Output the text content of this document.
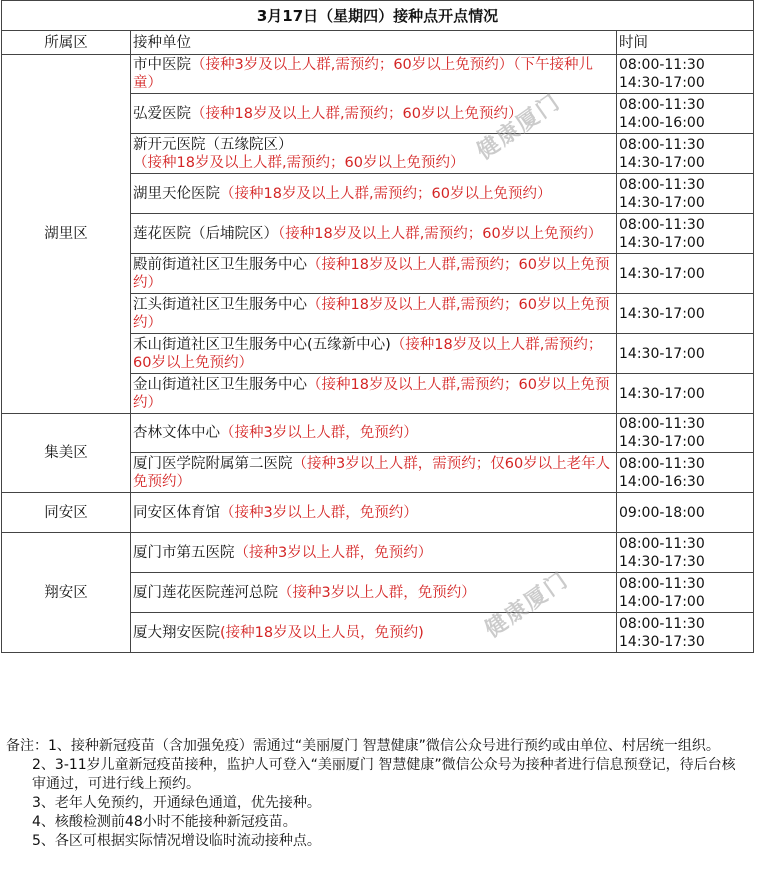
3月17日（星期四）接种点开点情况		
所属区	接种单位	时间
湖里区	市中医院（接种3岁及以上人群,需预约；60岁以上免预约）（下午接种儿童）	08:00-11:30
14:30-17:00

	弘爱医院（接种18岁及以上人群,需预约；60岁以上免预约）	08:00-11:30
14:00-16:00

	新开元医院（五缘院区）（接种18岁及以上人群,需预约；60岁以上免预约）	08:00-11:30
14:30-17:00

	湖里天伦医院（接种18岁及以上人群,需预约；60岁以上免预约）	08:00-11:30
14:30-17:00

	莲花医院（后埔院区）（接种18岁及以上人群,需预约；60岁以上免预约）	08:00-11:30
14:30-17:00

	殿前街道社区卫生服务中心（接种18岁及以上人群,需预约；60岁以上免预约）	14:30-17:00

	江头街道社区卫生服务中心（接种18岁及以上人群,需预约；60岁以上免预约）	14:30-17:00

	禾山街道社区卫生服务中心(五缘新中心)（接种18岁及以上人群,需预约；60岁以上免预约）	14:30-17:00

	金山街道社区卫生服务中心（接种18岁及以上人群,需预约；60岁以上免预约）	14:30-17:00

集美区	杏林文体中心（接种3岁以上人群，免预约）	08:00-11:30
14:30-17:00

	厦门医学院附属第二医院（接种3岁以上人群，需预约；仅60岁以上老年人免预约）	08:00-11:30
14:00-16:30

同安区	同安区体育馆（接种3岁以上人群，免预约）	09:00-18:00

翔安区	厦门市第五医院（接种3岁以上人群，免预约）	08:00-11:30
14:30-17:30

	厦门莲花医院莲河总院（接种3岁以上人群，免预约）	08:00-11:30
14:00-17:00

	厦大翔安医院(接种18岁及以上人员，免预约)	08:00-11:30
14:30-17:30

备注：1、接种新冠疫苗（含加强免疫）需通过“美丽厦门 智慧健康”微信公众号进行预约或由单位、村居统一组织。

2、3-11岁儿童新冠疫苗接种，监护人可登入“美丽厦门 智慧健康”微信公众号为接种者进行信息预登记，待后台核审通过，可进行线上预约。

3、老年人免预约，开通绿色通道，优先接种。

4、核酸检测前48小时不能接种新冠疫苗。

5、各区可根据实际情况增设临时流动接种点。

健康厦门
健康厦门
